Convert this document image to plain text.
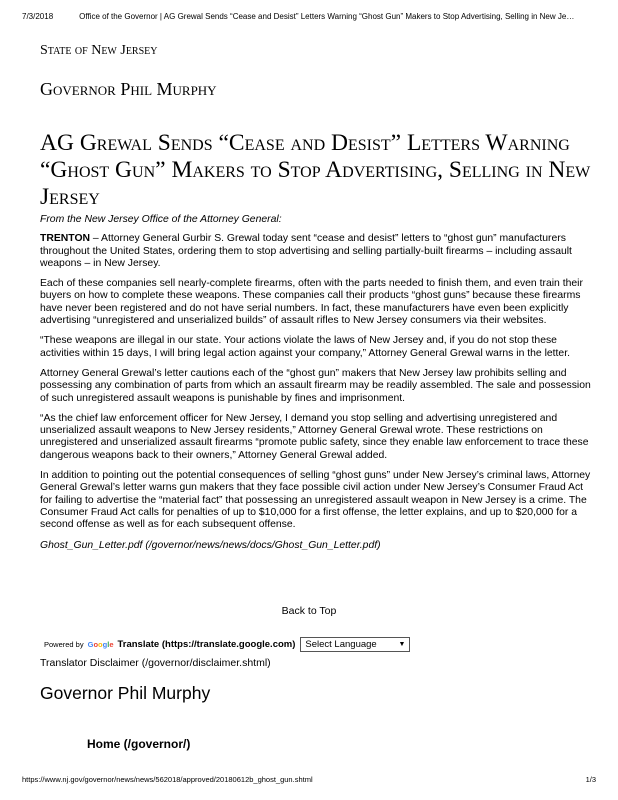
7/3/2018	Office of the Governor | AG Grewal Sends “Cease and Desist” Letters Warning “Ghost Gun” Makers to Stop Advertising, Selling in New Je…
State of New Jersey
Governor Phil Murphy
AG Grewal Sends “Cease and Desist” Letters Warning “Ghost Gun” Makers to Stop Advertising, Selling in New Jersey

From the New Jersey Office of the Attorney General:

TRENTON – Attorney General Gurbir S. Grewal today sent “cease and desist” letters to “ghost gun” manufacturers throughout the United States, ordering them to stop advertising and selling partially-built firearms – including assault weapons – in New Jersey.

Each of these companies sell nearly-complete firearms, often with the parts needed to finish them, and even train their buyers on how to complete these weapons. These companies call their products “ghost guns” because these firearms have never been registered and do not have serial numbers. In fact, these manufacturers have even been explicitly advertising “unregistered and unserialized builds” of assault rifles to New Jersey consumers via their websites.

“These weapons are illegal in our state. Your actions violate the laws of New Jersey and, if you do not stop these activities within 15 days, I will bring legal action against your company,” Attorney General Grewal warns in the letter.

Attorney General Grewal’s letter cautions each of the “ghost gun” makers that New Jersey law prohibits selling and possessing any combination of parts from which an assault firearm may be readily assembled. The sale and possession of such unregistered assault weapons is punishable by fines and imprisonment.

“As the chief law enforcement officer for New Jersey, I demand you stop selling and advertising unregistered and unserialized assault weapons to New Jersey residents,” Attorney General Grewal wrote. These restrictions on unregistered and unserialized assault firearms “promote public safety, since they enable law enforcement to trace these dangerous weapons back to their owners,” Attorney General Grewal added.

In addition to pointing out the potential consequences of selling “ghost guns” under New Jersey’s criminal laws, Attorney General Grewal’s letter warns gun makers that they face possible civil action under New Jersey’s Consumer Fraud Act for failing to advertise the “material fact” that possessing an unregistered assault weapon in New Jersey is a crime. The Consumer Fraud Act calls for penalties of up to $10,000 for a first offense, the letter explains, and up to $20,000 for a second offense as well as for each subsequent offense.

Ghost_Gun_Letter.pdf (/governor/news/news/docs/Ghost_Gun_Letter.pdf)

Back to Top
Powered by Google Translate (https://translate.google.com) Select Language	▼
Translator Disclaimer (/governor/disclaimer.shtml)
Governor Phil Murphy
Home (/governor/)
https://www.nj.gov/governor/news/news/562018/approved/20180612b_ghost_gun.shtml	1/3
